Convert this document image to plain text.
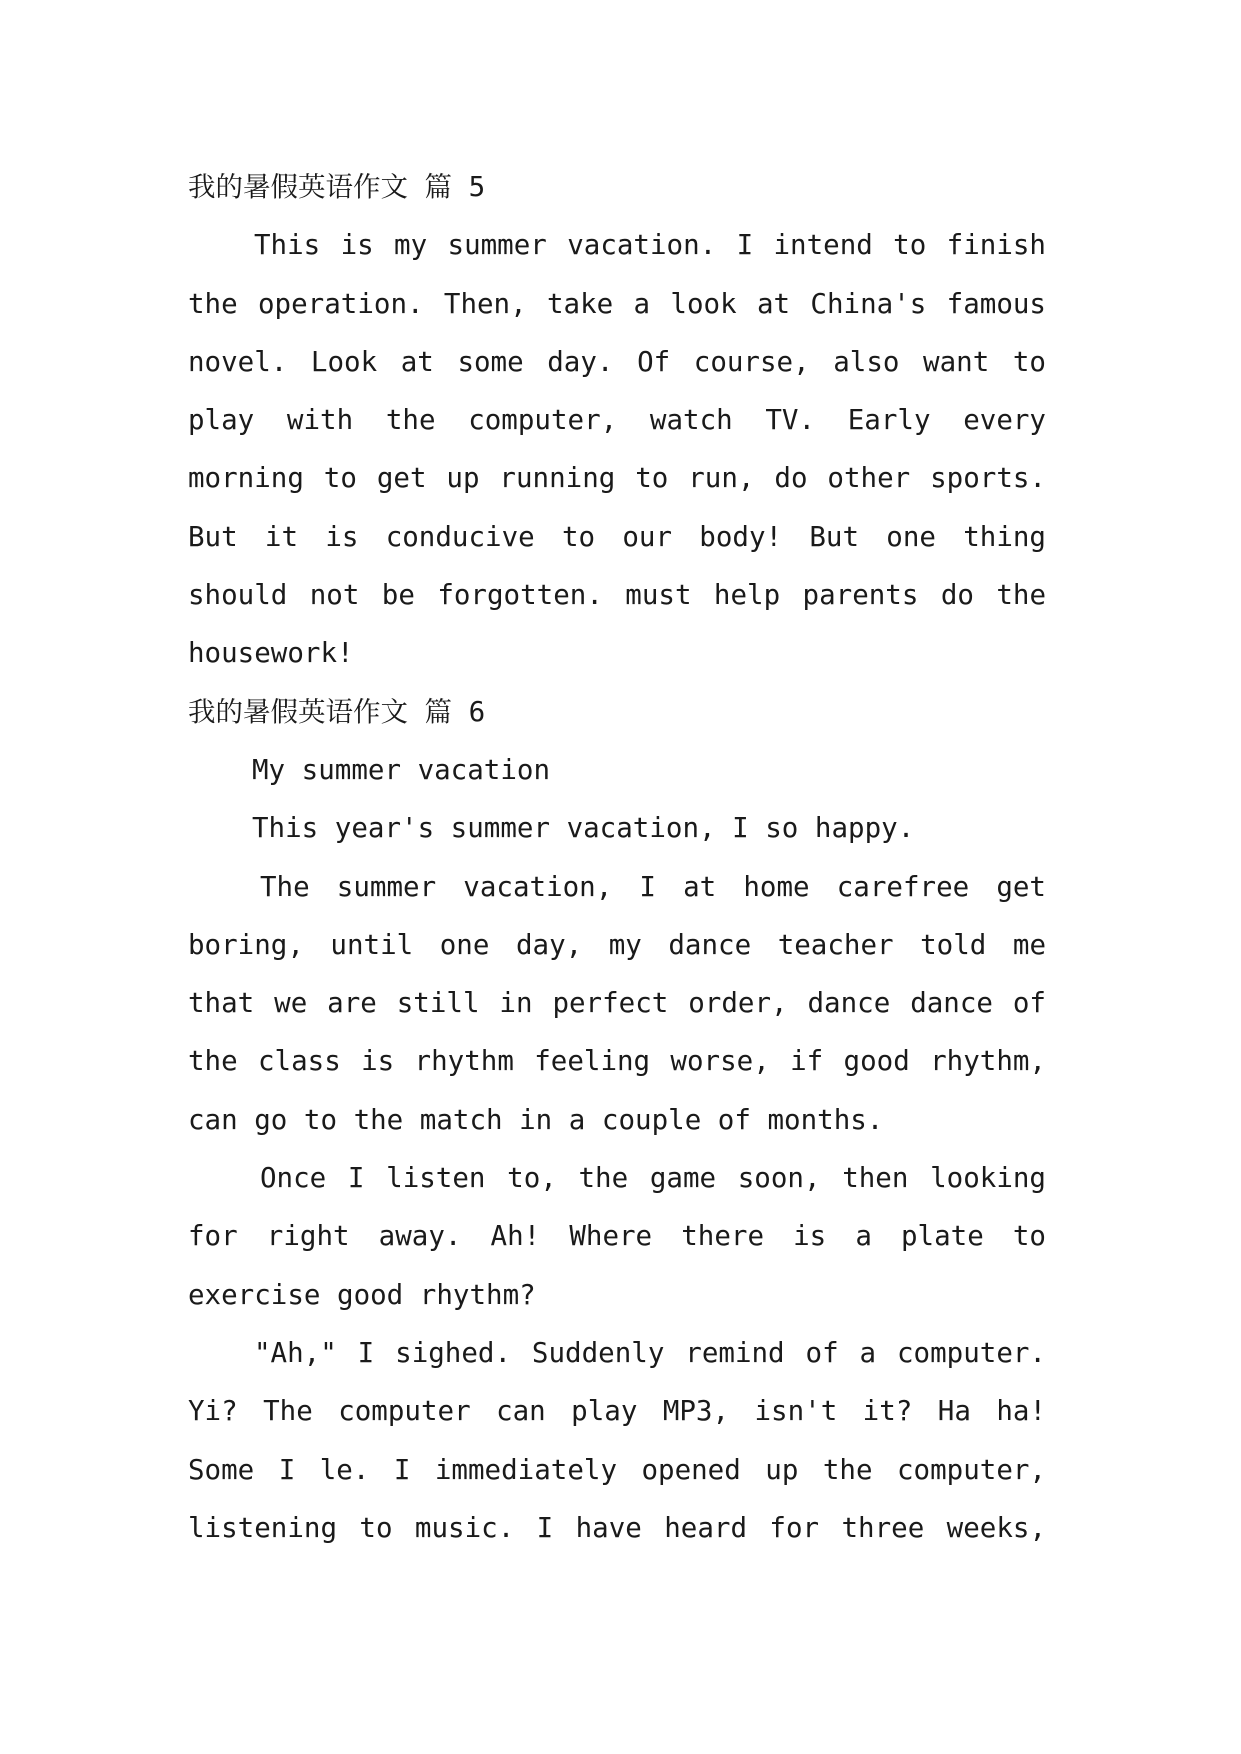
我的暑假英语作文 篇 5

This is my summer vacation. I intend to finish the operation. Then, take a look at China's famous novel. Look at some day. Of course, also want to play with the computer, watch TV. Early every morning to get up running to run, do other sports. But it is conducive to our body! But one thing should not be forgotten. must help parents do the housework!

我的暑假英语作文 篇 6

My summer vacation

This year's summer vacation, I so happy.

The summer vacation, I at home carefree get boring, until one day, my dance teacher told me that we are still in perfect order, dance dance of the class is rhythm feeling worse, if good rhythm, can go to the match in a couple of months.

Once I listen to, the game soon, then looking for right away. Ah! Where there is a plate to exercise good rhythm?

"Ah," I sighed. Suddenly remind of a computer. Yi? The computer can play MP3, isn't it? Ha ha! Some I le. I immediately opened up the computer, listening to music. I have heard for three weeks,
